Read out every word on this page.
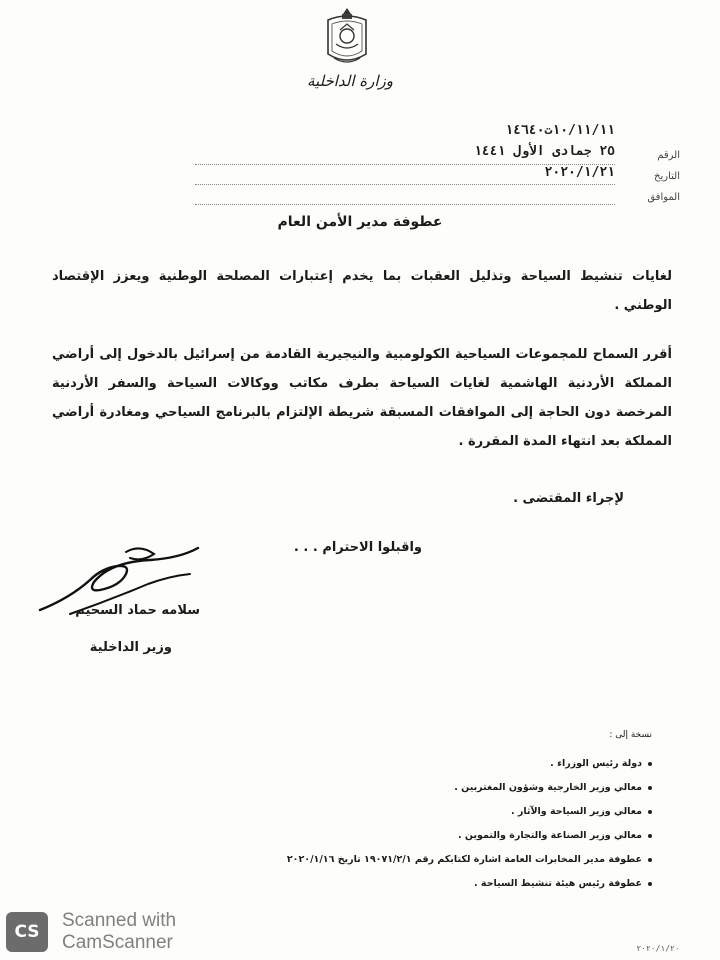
وزارة الداخلية
الرقم
التاريخ
الموافق
١٠/١١/١١ت١٤٦٤٠
٢٥ جمادى الأول ١٤٤١
٢٠٢٠/١/٢١
عطوفة مدير الأمن العام
لغايات تنشيط السياحة وتذليل العقبات بما يخدم إعتبارات المصلحة الوطنية ويعزز الإقتصاد الوطني .
أقرر السماح للمجموعات السياحية الكولومبية والنيجيرية القادمة من إسرائيل بالدخول إلى أراضي المملكة الأردنية الهاشمية لغايات السياحة بطرف مكاتب ووكالات السياحة والسفر الأردنية المرخصة دون الحاجة إلى الموافقات المسبقة شريطة الإلتزام بالبرنامج السياحي ومغادرة أراضي المملكة بعد انتهاء المدة المقررة .
لإجراء المقتضى .
واقبلوا الاحترام . . .
سلامه حماد السحيم
وزير الداخلية
نسخة إلى :
دولة رئيس الوزراء .
معالي وزير الخارجية وشؤون المغتربين .
معالي وزير السياحة والآثار .
معالي وزير الصناعة والتجارة والتموين .
عطوفة مدير المخابرات العامة اشارة لكتابكم رقم ١٩٠٧١/٢/١ تاريخ ٢٠٢٠/١/١٦
عطوفة رئيس هيئة تنشيط السياحة .
CS
Scanned with
CamScanner	٢٠٢٠/١/٢٠
